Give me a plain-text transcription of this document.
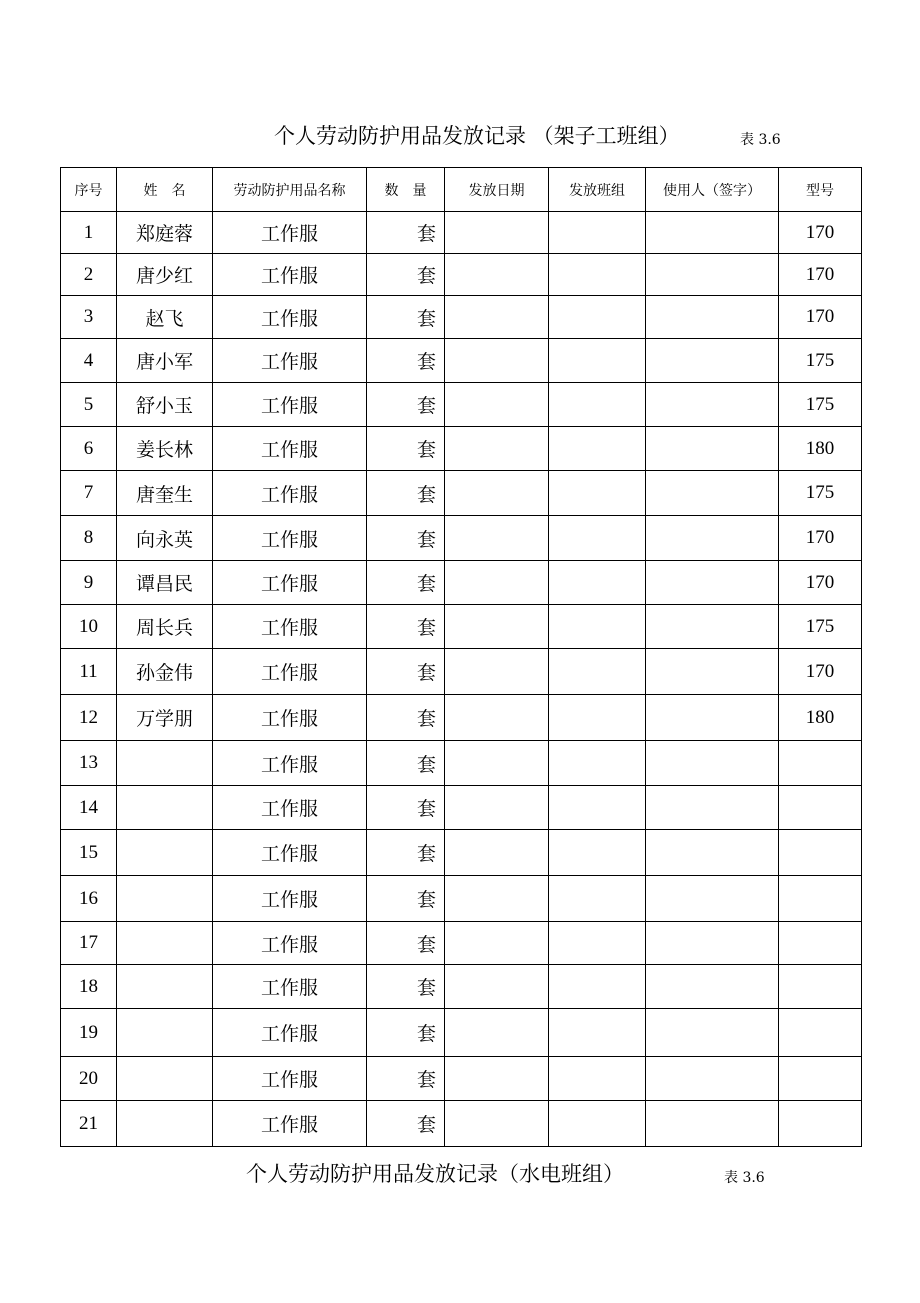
个人劳动防护用品发放记录 （架子工班组）	表 3.6
序号	姓　名	劳动防护用品名称	数　量	发放日期	发放班组	使用人（签字）	型号
1	郑庭蓉	工作服	套				170
2	唐少红	工作服	套				170
3	赵飞	工作服	套				170
4	唐小军	工作服	套				175
5	舒小玉	工作服	套				175
6	姜长林	工作服	套				180
7	唐奎生	工作服	套				175
8	向永英	工作服	套				170
9	谭昌民	工作服	套				170
10	周长兵	工作服	套				175
11	孙金伟	工作服	套				170
12	万学朋	工作服	套				180
13		工作服	套				
14		工作服	套				
15		工作服	套				
16		工作服	套				
17		工作服	套				
18		工作服	套				
19		工作服	套				
20		工作服	套				
21		工作服	套				
个人劳动防护用品发放记录（水电班组）	表 3.6
